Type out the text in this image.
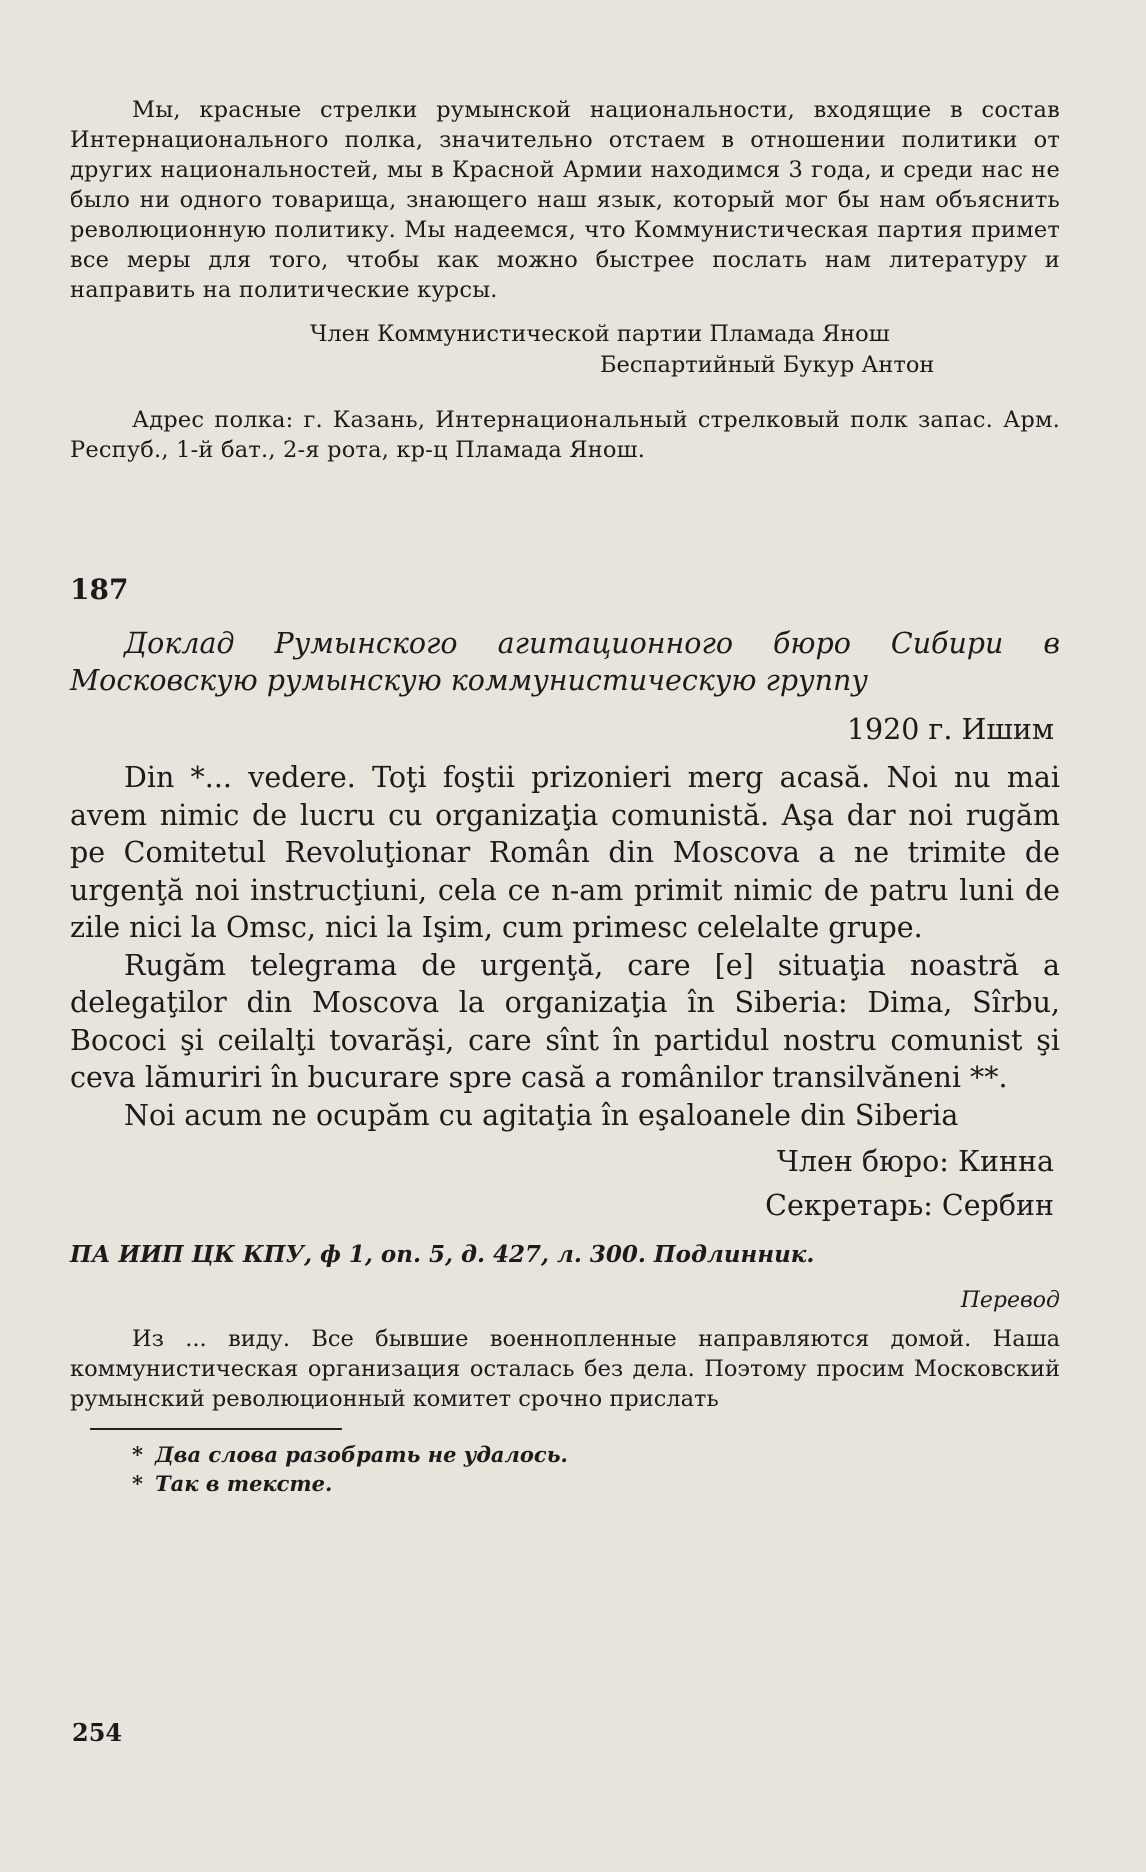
Мы, красные стрелки румынской национальности, входящие в состав Интернационального полка, значительно отстаем в отношении политики от других национальностей, мы в Красной Армии находимся 3 года, и среди нас не было ни одного товарища, знающего наш язык, который мог бы нам объяснить революционную политику. Мы надеемся, что Коммунистическая партия примет все меры для того, чтобы как можно быстрее послать нам литературу и направить на политические курсы.

Член Коммунистической партии Пламада Янош
Беспартийный Букур Антон

Адрес полка: г. Казань, Интернациональный стрелковый полк запас. Арм. Респуб., 1-й бат., 2-я рота, кр-ц Пламада Янош.

187

Доклад Румынского агитационного бюро Сибири в Московскую румынскую коммунистическую группу

1920 г. Ишим

Din *... vedere. Toţi foştii prizonieri merg acasă. Noi nu mai avem nimic de lucru cu organizaţia comunistă. Aşa dar noi rugăm pe Comitetul Revoluţionar Român din Moscova a ne trimite de urgenţă noi instrucţiuni, cela ce n-am primit nimic de patru luni de zile nici la Omsc, nici la Işim, cum primesc celelalte grupe.

Rugăm telegrama de urgenţă, care [e] situaţia noastră a delegaţilor din Moscova la organizaţia în Siberia: Dima, Sîrbu, Bococi şi ceilalţi tovarăşi, care sînt în partidul nostru comunist şi ceva lămuriri în bucurare spre casă a românilor transilvăneni **.

Noi acum ne ocupăm cu agitaţia în eşaloanele din Siberia

Член бюро: Кинна
Секретарь: Сербин
ПА ИИП ЦК КПУ, ф 1, оп. 5, д. 427, л. 300. Подлинник.
Перевод

Из ... виду. Все бывшие военнопленные направляются домой. Наша коммунистическая организация осталась без дела. Поэтому просим Московский румынский революционный комитет срочно прислать

* Два слова разобрать не удалось.
* Так в тексте.
254
